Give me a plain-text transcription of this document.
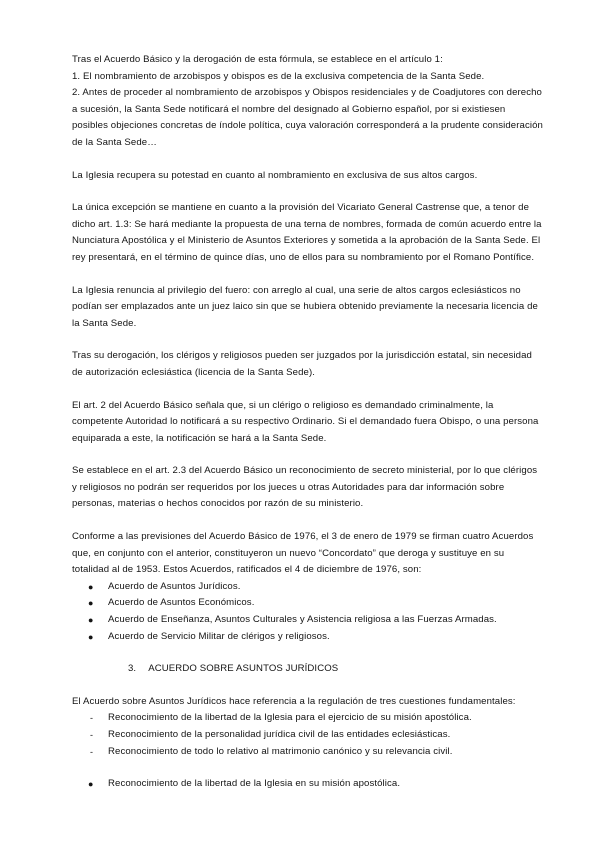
Tras el Acuerdo Básico y la derogación de esta fórmula, se establece en el artículo 1:

1. El nombramiento de arzobispos y obispos es de la exclusiva competencia de la Santa Sede.

2. Antes de proceder al nombramiento de arzobispos y Obispos residenciales y de Coadjutores con derecho a sucesión, la Santa Sede notificará el nombre del designado al Gobierno español, por si existiesen posibles objeciones concretas de índole política, cuya valoración corresponderá a la prudente consideración de la Santa Sede…

La Iglesia recupera su potestad en cuanto al nombramiento en exclusiva de sus altos cargos.

La única excepción se mantiene en cuanto a la provisión del Vicariato General Castrense que, a tenor de dicho art. 1.3: Se hará mediante la propuesta de una terna de nombres, formada de común acuerdo entre la Nunciatura Apostólica y el Ministerio de Asuntos Exteriores y sometida a la aprobación de la Santa Sede. El rey presentará, en el término de quince días, uno de ellos para su nombramiento por el Romano Pontífice.

La Iglesia renuncia al privilegio del fuero: con arreglo al cual, una serie de altos cargos eclesiásticos no podían ser emplazados ante un juez laico sin que se hubiera obtenido previamente la necesaria licencia de la Santa Sede.

Tras su derogación, los clérigos y religiosos pueden ser juzgados por la jurisdicción estatal, sin necesidad de autorización eclesiástica (licencia de la Santa Sede).

El art. 2 del Acuerdo Básico señala que, si un clérigo o religioso es demandado criminalmente, la competente Autoridad lo notificará a su respectivo Ordinario. Si el demandado fuera Obispo, o una persona equiparada a este, la notificación se hará a la Santa Sede.

Se establece en el art. 2.3 del Acuerdo Básico un reconocimiento de secreto ministerial, por lo que clérigos y religiosos no podrán ser requeridos por los jueces u otras Autoridades para dar información sobre personas, materias o hechos conocidos por razón de su ministerio.

Conforme a las previsiones del Acuerdo Básico de 1976, el 3 de enero de 1979 se firman cuatro Acuerdos que, en conjunto con el anterior, constituyeron un nuevo “Concordato” que deroga y sustituye en su totalidad al de 1953. Estos Acuerdos, ratificados el 4 de diciembre de 1976, son:

● Acuerdo de Asuntos Jurídicos.
● Acuerdo de Asuntos Económicos.
● Acuerdo de Enseñanza, Asuntos Culturales y Asistencia religiosa a las Fuerzas Armadas.
● Acuerdo de Servicio Militar de clérigos y religiosos.

3. ACUERDO SOBRE ASUNTOS JURÍDICOS

El Acuerdo sobre Asuntos Jurídicos hace referencia a la regulación de tres cuestiones fundamentales:

- Reconocimiento de la libertad de la Iglesia para el ejercicio de su misión apostólica.
- Reconocimiento de la personalidad jurídica civil de las entidades eclesiásticas.
- Reconocimiento de todo lo relativo al matrimonio canónico y su relevancia civil.
● Reconocimiento de la libertad de la Iglesia en su misión apostólica.
